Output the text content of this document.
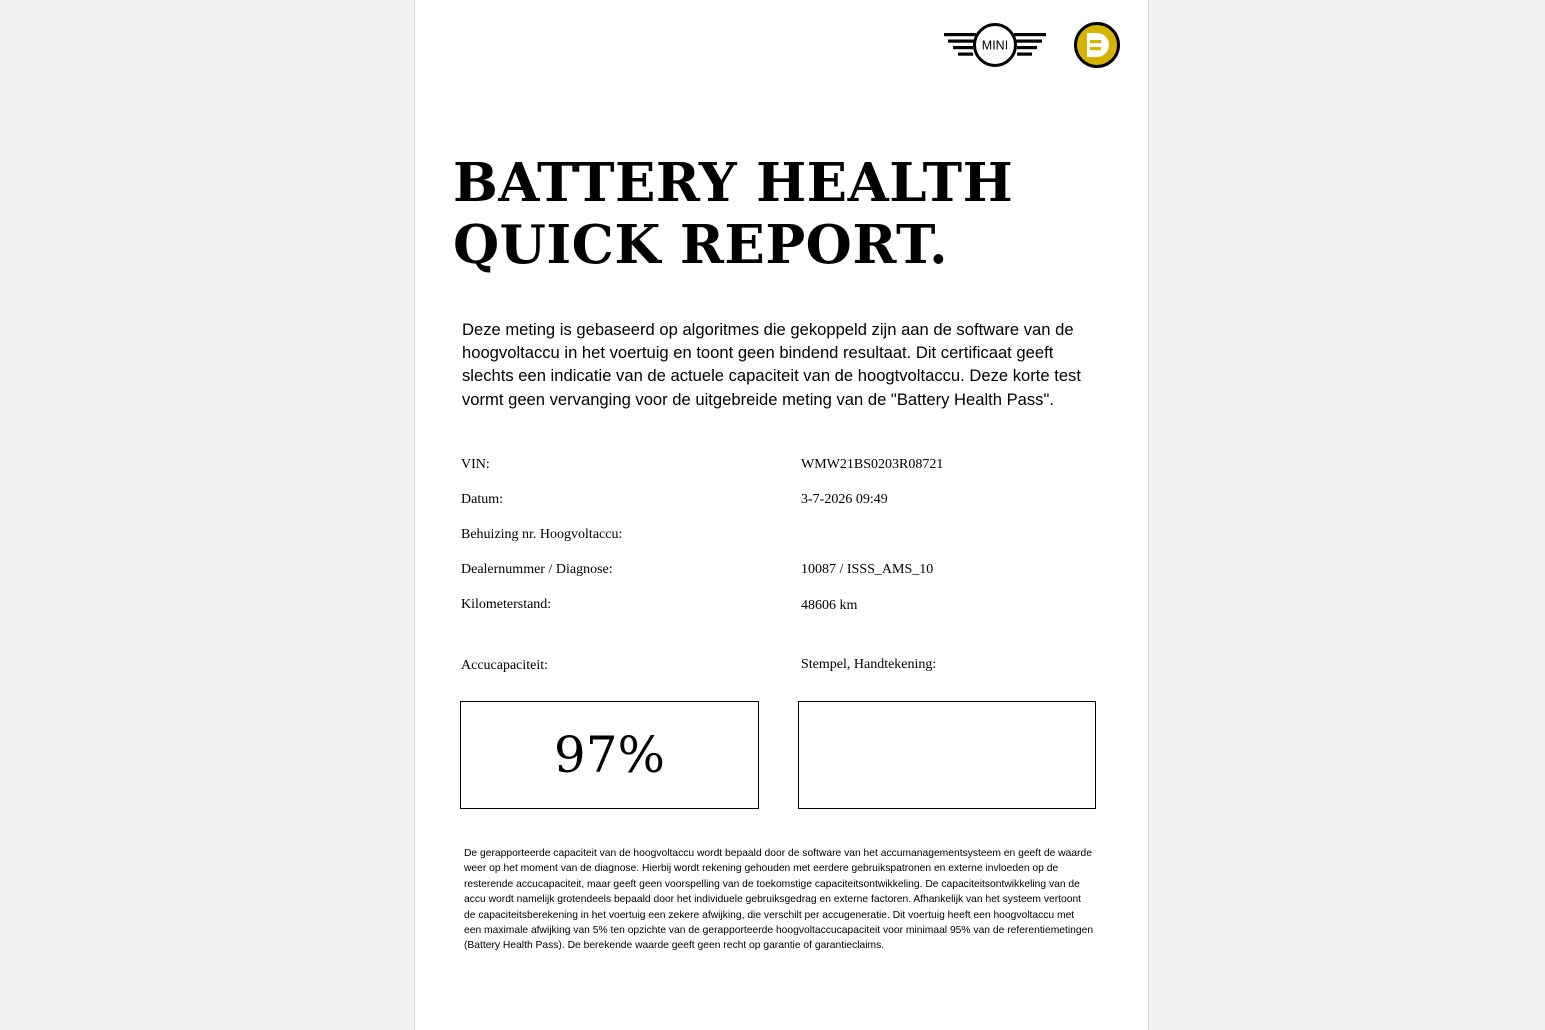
MINI
BATTERY HEALTH
QUICK REPORT.

Deze meting is gebaseerd op algoritmes die gekoppeld zijn aan de software van de hoogvoltaccu in het voertuig en toont geen bindend resultaat. Dit certificaat geeft slechts een indicatie van de actuele capaciteit van de hoogtvoltaccu. Deze korte test vormt geen vervanging voor de uitgebreide meting van de "Battery Health Pass".

VIN:	WMW21BS0203R08721
Datum:	3-7-2026 09:49
Behuizing nr. Hoogvoltaccu:
Dealernummer / Diagnose:	10087 / ISSS_AMS_10
Kilometerstand:	48606 km
Accucapaciteit:	Stempel, Handtekening:
97%

De gerapporteerde capaciteit van de hoogvoltaccu wordt bepaald door de software van het accumanagementsysteem en geeft de waarde weer op het moment van de diagnose. Hierbij wordt rekening gehouden met eerdere gebruikspatronen en externe invloeden op de resterende accucapaciteit, maar geeft geen voorspelling van de toekomstige capaciteitsontwikkeling. De capaciteitsontwikkeling van de accu wordt namelijk grotendeels bepaald door het individuele gebruiksgedrag en externe factoren. Afhankelijk van het systeem vertoont de capaciteitsberekening in het voertuig een zekere afwijking, die verschilt per accugeneratie. Dit voertuig heeft een hoogvoltaccu met een maximale afwijking van 5% ten opzichte van de gerapporteerde hoogvoltaccucapaciteit voor minimaal 95% van de referentiemetingen (Battery Health Pass). De berekende waarde geeft geen recht op garantie of garantieclaims.
